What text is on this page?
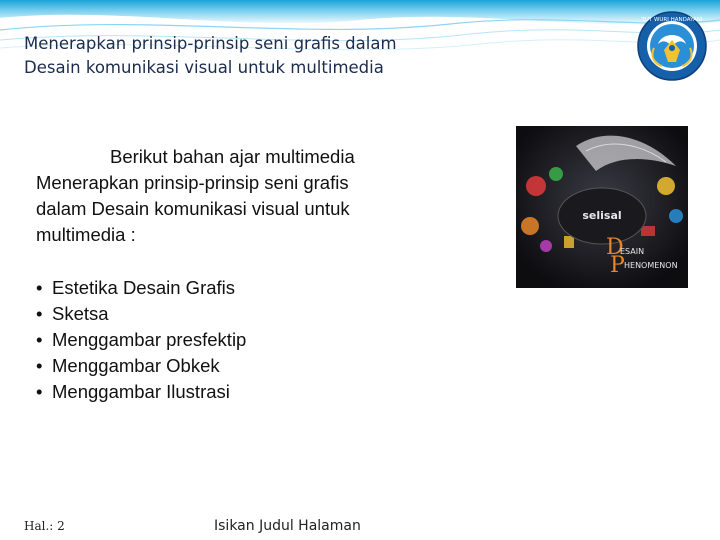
Menerapkan prinsip-prinsip seni grafis dalam
Desain komunikasi visual untuk multimedia
TUT WURI HANDAYANI
Berikut bahan ajar multimedia
Menerapkan prinsip-prinsip seni grafis
dalam Desain komunikasi visual untuk
multimedia :
• Estetika Desain Grafis
• Sketsa
• Menggambar presfektip
• Menggambar Obkek
• Menggambar Ilustrasi
selisal
D
ESAIN
P HENOMENON
Hal.: 2	Isikan Judul Halaman
